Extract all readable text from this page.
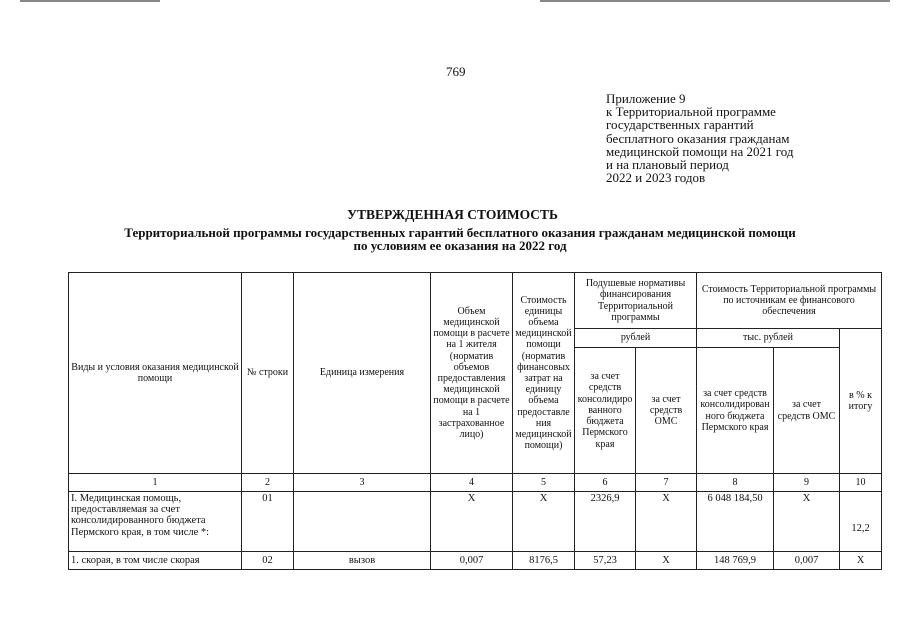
769
Приложение 9
к Территориальной программе
государственных гарантий
бесплатного оказания гражданам
медицинской помощи на 2021 год
и на плановый период
2022 и 2023 годов
УТВЕРЖДЕННАЯ СТОИМОСТЬ
Территориальной программы государственных гарантий бесплатного оказания гражданам медицинской помощи
по условиям ее оказания на 2022 год
Виды и условия оказания медицинской помощи	№ строки	Единица измерения	Объем медицинской помощи в расчете на 1 жителя (норматив объемов предоставления медицинской помощи в расчете на 1 застрахованное лицо)	Стоимость единицы объема медицинской помощи (норматив финансовых затрат на единицу объема предоставления медицинской помощи)	Подушевые нормативы финансирования Территориальной программы		Стоимость Территориальной программы по источникам ее финансового обеспечения		
					рублей		тыс. рублей		в % к итогу
					за счет средств консолидированного бюджета Пермского края	за счет средств ОМС	за счет средств консолидированного бюджета Пермского края	за счет средств ОМС	
1	2	3	4	5	6	7	8	9	10
I. Медицинская помощь, предоставляемая за счет консолидированного бюджета Пермского края, в том числе *:	01		Х	Х	2326,9	Х	6 048 184,50	Х	12,2

1. скорая, в том числе скорая	02	вызов	0,007	8176,5	57,23	Х	148 769,9	0,007	Х
